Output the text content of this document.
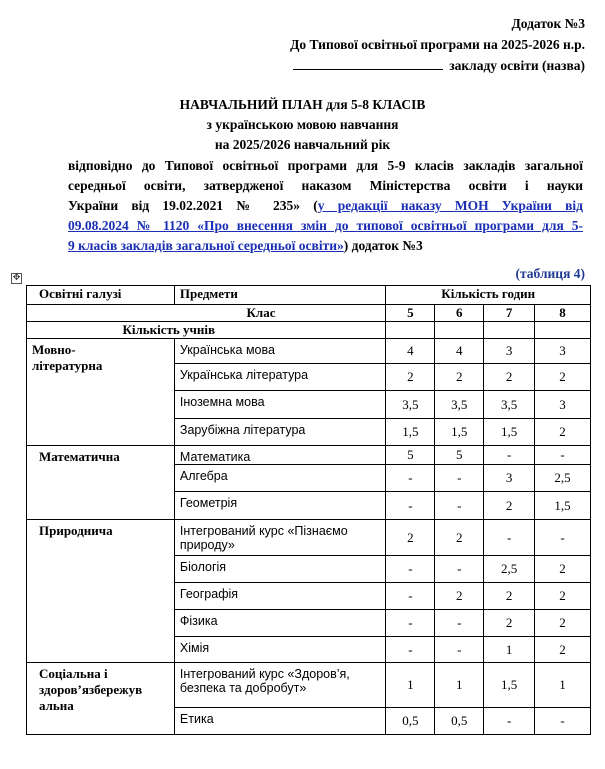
Додаток №3
До Типової освітньої програми на 2025-2026 н.р.
закладу освіти (назва)
НАВЧАЛЬНИЙ ПЛАН для 5-8 КЛАСІВ
з українською мовою навчання
на 2025/2026 навчальний рік
відповідно до Типової освітньої програми для 5-9 класів закладів загальної
середньої освіти, затвердженої наказом Міністерства освіти і науки
України від 19.02.2021 № 235» (у редакції наказу МОН України від
09.08.2024 № 1120 «Про внесення змін до типової освітньої програми для 5-
9 класів закладів загальної середньої освіти») додаток №3
✥	(таблиця 4)
Освітні галузі	Предмети	Кількість годин			
Клас		5	6	7	8
Кількість учнів					
Мовно-
літературна	Українська мова	4	4	3	3
	Українська література	2	2	2	2
	Іноземна мова	3,5	3,5	3,5	3
	Зарубіжна література	1,5	1,5	1,5	2
Математична	Математика	5	5	-	-
	Алгебра	-	-	3	2,5
	Геометрія	-	-	2	1,5
Природнича	Інтегрований курс «Пізнаємо природу»	2	2	-	-
	Біологія	-	-	2,5	2
	Географія	-	2	2	2
	Фізика	-	-	2	2
	Хімія	-	-	1	2
Соціальна і здоров’язбережув альна	Інтегрований курс «Здоров’я, безпека та добробут»	1	1	1,5	1
	Етика	0,5	0,5	-	-
